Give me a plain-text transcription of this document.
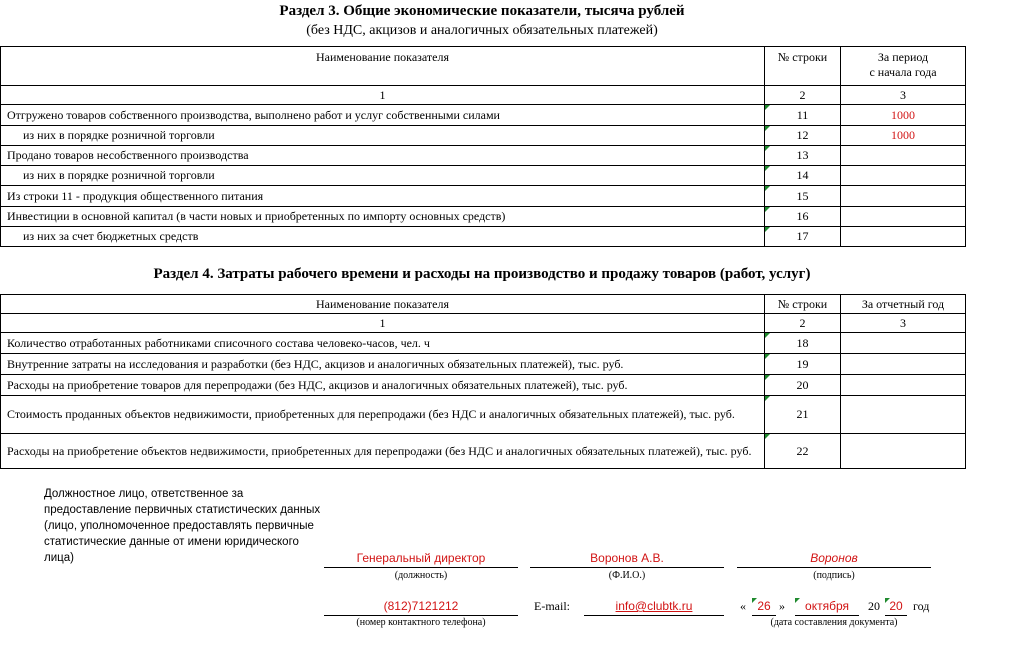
Раздел 3. Общие экономические показатели, тысяча рублей
(без НДС, акцизов и аналогичных обязательных платежей)
Наименование показателя	№ строки	За период
с начала года
1	2	3
Отгружено товаров собственного производства, выполнено работ и услуг собственными силами	11	1000
из них в порядке розничной торговли	12	1000
Продано товаров несобственного производства	13	
из них в порядке розничной торговли	14	
Из строки 11 - продукция общественного питания	15	
Инвестиции в основной капитал (в части новых и приобретенных по импорту основных средств)	16	
из них за счет бюджетных средств	17	
Раздел 4. Затраты рабочего времени и расходы на производство и продажу товаров (работ, услуг)
Наименование показателя	№ строки	За отчетный год
1	2	3
Количество отработанных работниками списочного состава человеко-часов, чел. ч	18	
Внутренние затраты на исследования и разработки (без НДС, акцизов и аналогичных обязательных платежей), тыс. руб.	19	
Расходы на приобретение товаров для перепродажи (без НДС, акцизов и аналогичных обязательных платежей), тыс. руб.	20	
Стоимость проданных объектов недвижимости, приобретенных для перепродажи (без НДС и аналогичных обязательных платежей), тыс. руб.	21	
Расходы на приобретение объектов недвижимости, приобретенных для перепродажи (без НДС и аналогичных обязательных платежей), тыс. руб.	22	
Должностное лицо, ответственное за предоставление первичных статистических данных (лицо, уполномоченное предоставлять первичные статистические данные от имени юридического лица)	Генеральный директор
(должность)
Воронов А.В.
(Ф.И.О.)
Воронов
(подпись)
(812)7121212
(номер контактного телефона)
E-mail:	info@clubtk.ru	« 26 »	октября	20 20 год
(дата составления документа)
